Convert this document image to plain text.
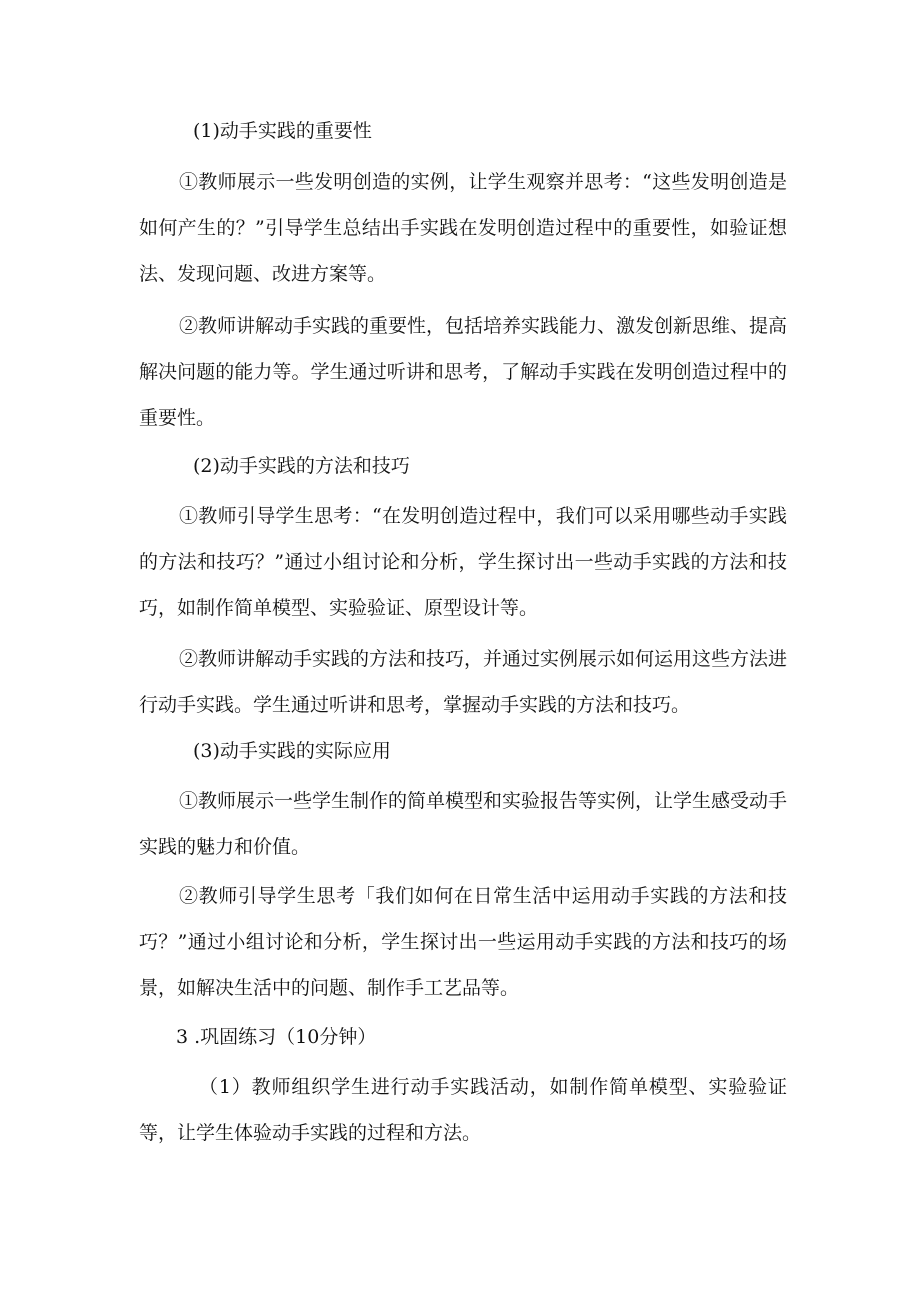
(1)动手实践的重要性

①教师展示一些发明创造的实例，让学生观察并思考：“这些发明创造是如何产生的？”引导学生总结出手实践在发明创造过程中的重要性，如验证想法、发现问题、改进方案等。

②教师讲解动手实践的重要性，包括培养实践能力、激发创新思维、提高解决问题的能力等。学生通过听讲和思考，了解动手实践在发明创造过程中的重要性。

(2)动手实践的方法和技巧

①教师引导学生思考：“在发明创造过程中，我们可以采用哪些动手实践的方法和技巧？”通过小组讨论和分析，学生探讨出一些动手实践的方法和技巧，如制作简单模型、实验验证、原型设计等。

②教师讲解动手实践的方法和技巧，并通过实例展示如何运用这些方法进行动手实践。学生通过听讲和思考，掌握动手实践的方法和技巧。

(3)动手实践的实际应用

①教师展示一些学生制作的简单模型和实验报告等实例，让学生感受动手实践的魅力和价值。

②教师引导学生思考「我们如何在日常生活中运用动手实践的方法和技巧？”通过小组讨论和分析，学生探讨出一些运用动手实践的方法和技巧的场景，如解决生活中的问题、制作手工艺品等。

3 .巩固练习（10分钟）

（1）教师组织学生进行动手实践活动，如制作简单模型、实验验证等，让学生体验动手实践的过程和方法。
